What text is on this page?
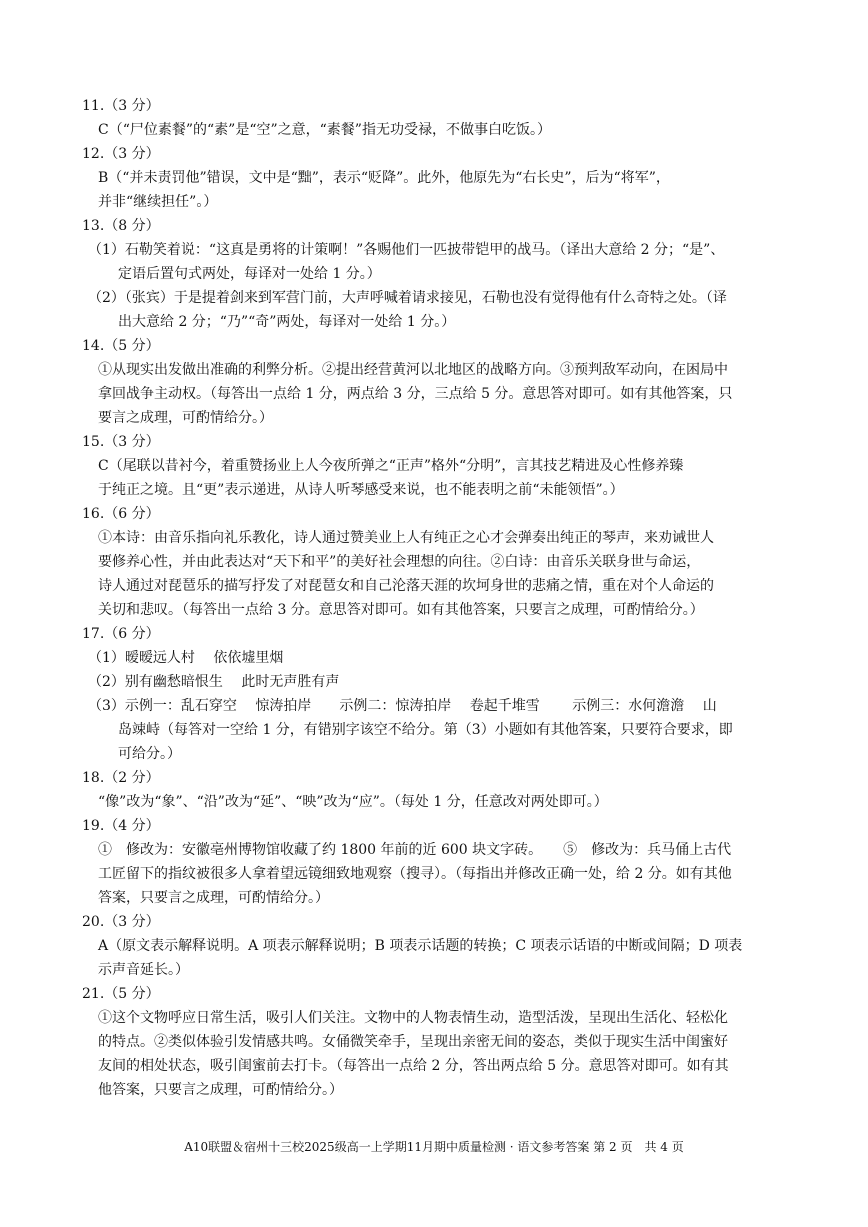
11.（3 分）
C（“尸位素餐”的“素”是“空”之意，“素餐”指无功受禄，不做事白吃饭。）
12.（3 分）
B（“并未责罚他”错误，文中是“黜”，表示“贬降”。此外，他原先为“右长史”，后为“将军”，
并非“继续担任”。）
13.（8 分）
（1）石勒笑着说：“这真是勇将的计策啊！”各赐他们一匹披带铠甲的战马。（译出大意给 2 分；“是”、
定语后置句式两处，每译对一处给 1 分。）
（2）（张宾）于是提着剑来到军营门前，大声呼喊着请求接见，石勒也没有觉得他有什么奇特之处。（译
出大意给 2 分；“乃”“奇”两处，每译对一处给 1 分。）
14.（5 分）
①从现实出发做出准确的利弊分析。②提出经营黄河以北地区的战略方向。③预判敌军动向，在困局中
拿回战争主动权。（每答出一点给 1 分，两点给 3 分，三点给 5 分。意思答对即可。如有其他答案，只
要言之成理，可酌情给分。）
15.（3 分）
C（尾联以昔衬今，着重赞扬业上人今夜所弹之“正声”格外“分明”，言其技艺精进及心性修养臻
于纯正之境。且“更”表示递进，从诗人听琴感受来说，也不能表明之前“未能领悟”。）
16.（6 分）
①本诗：由音乐指向礼乐教化，诗人通过赞美业上人有纯正之心才会弹奏出纯正的琴声，来劝诫世人
要修养心性，并由此表达对“天下和平”的美好社会理想的向往。②白诗：由音乐关联身世与命运，
诗人通过对琵琶乐的描写抒发了对琵琶女和自己沦落天涯的坎坷身世的悲痛之情，重在对个人命运的
关切和悲叹。（每答出一点给 3 分。意思答对即可。如有其他答案，只要言之成理，可酌情给分。）
17.（6 分）
（1）暧暧远人村　 依依墟里烟
（2）别有幽愁暗恨生　 此时无声胜有声
（3）示例一：乱石穿空　 惊涛拍岸　　示例二：惊涛拍岸　 卷起千堆雪　　 示例三：水何澹澹　 山
岛竦峙（每答对一空给 1 分，有错别字该空不给分。第（3）小题如有其他答案，只要符合要求，即
可给分。）
18.（2 分）
“像”改为“象”、“沿”改为“延”、“映”改为“应”。（每处 1 分，任意改对两处即可。）
19.（4 分）
①　修改为：安徽亳州博物馆收藏了约 1800 年前的近 600 块文字砖。　　⑤　修改为：兵马俑上古代
工匠留下的指纹被很多人拿着望远镜细致地观察（搜寻）。（每指出并修改正确一处，给 2 分。如有其他
答案，只要言之成理，可酌情给分。）
20.（3 分）
A（原文表示解释说明。A 项表示解释说明；B 项表示话题的转换；C 项表示话语的中断或间隔；D 项表
示声音延长。）
21.（5 分）
①这个文物呼应日常生活，吸引人们关注。文物中的人物表情生动，造型活泼，呈现出生活化、轻松化
的特点。②类似体验引发情感共鸣。女俑微笑牵手，呈现出亲密无间的姿态，类似于现实生活中闺蜜好
友间的相处状态，吸引闺蜜前去打卡。（每答出一点给 2 分，答出两点给 5 分。意思答对即可。如有其
他答案，只要言之成理，可酌情给分。）
A10联盟＆宿州十三校2025级高一上学期11月期中质量检测 · 语文参考答案 第 2 页　共 4 页
